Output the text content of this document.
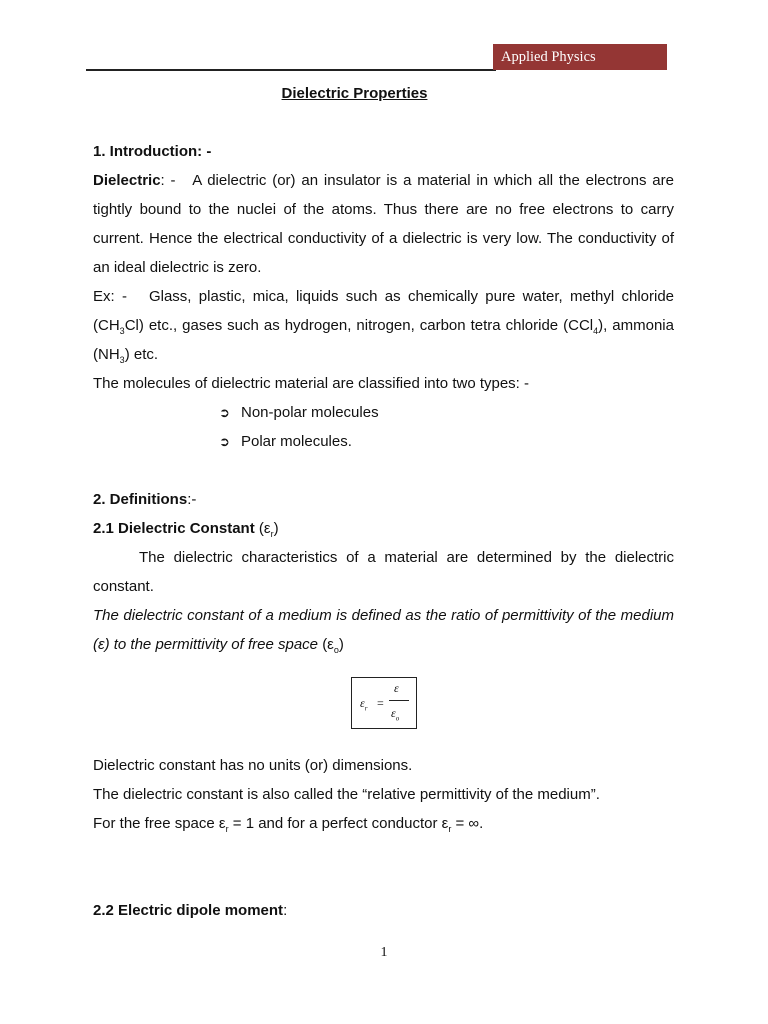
Applied Physics
Dielectric Properties
1. Introduction: -
Dielectric: - A dielectric (or) an insulator is a material in which all the electrons are tightly bound to the nuclei of the atoms. Thus there are no free electrons to carry current. Hence the electrical conductivity of a dielectric is very low. The conductivity of an ideal dielectric is zero.
Ex: - Glass, plastic, mica, liquids such as chemically pure water, methyl chloride $(CH_3Cl)$ etc., gases such as hydrogen, nitrogen, carbon tetra chloride (CCl$_4$), ammonia $(NH_3)$ etc.
The molecules of dielectric material are classified into two types: -
➲ Non-polar molecules
➲ Polar molecules.
2. Definitions:-
2.1 Dielectric Constant $(\varepsilon_r)$
The dielectric characteristics of a material are determined by the dielectric constant.
The dielectric constant of a medium is defined as the ratio of permittivity of the medium (ε) to the permittivity of free space $(\varepsilon_o)$
$\varepsilon_r$ =
ε
$\varepsilon_o$
Dielectric constant has no units (or) dimensions.
The dielectric constant is also called the “relative permittivity of the medium”.
For the free space $\varepsilon_r = 1$ and for a perfect conductor $\varepsilon_r$ = ∞.
2.2 Electric dipole moment:
1
